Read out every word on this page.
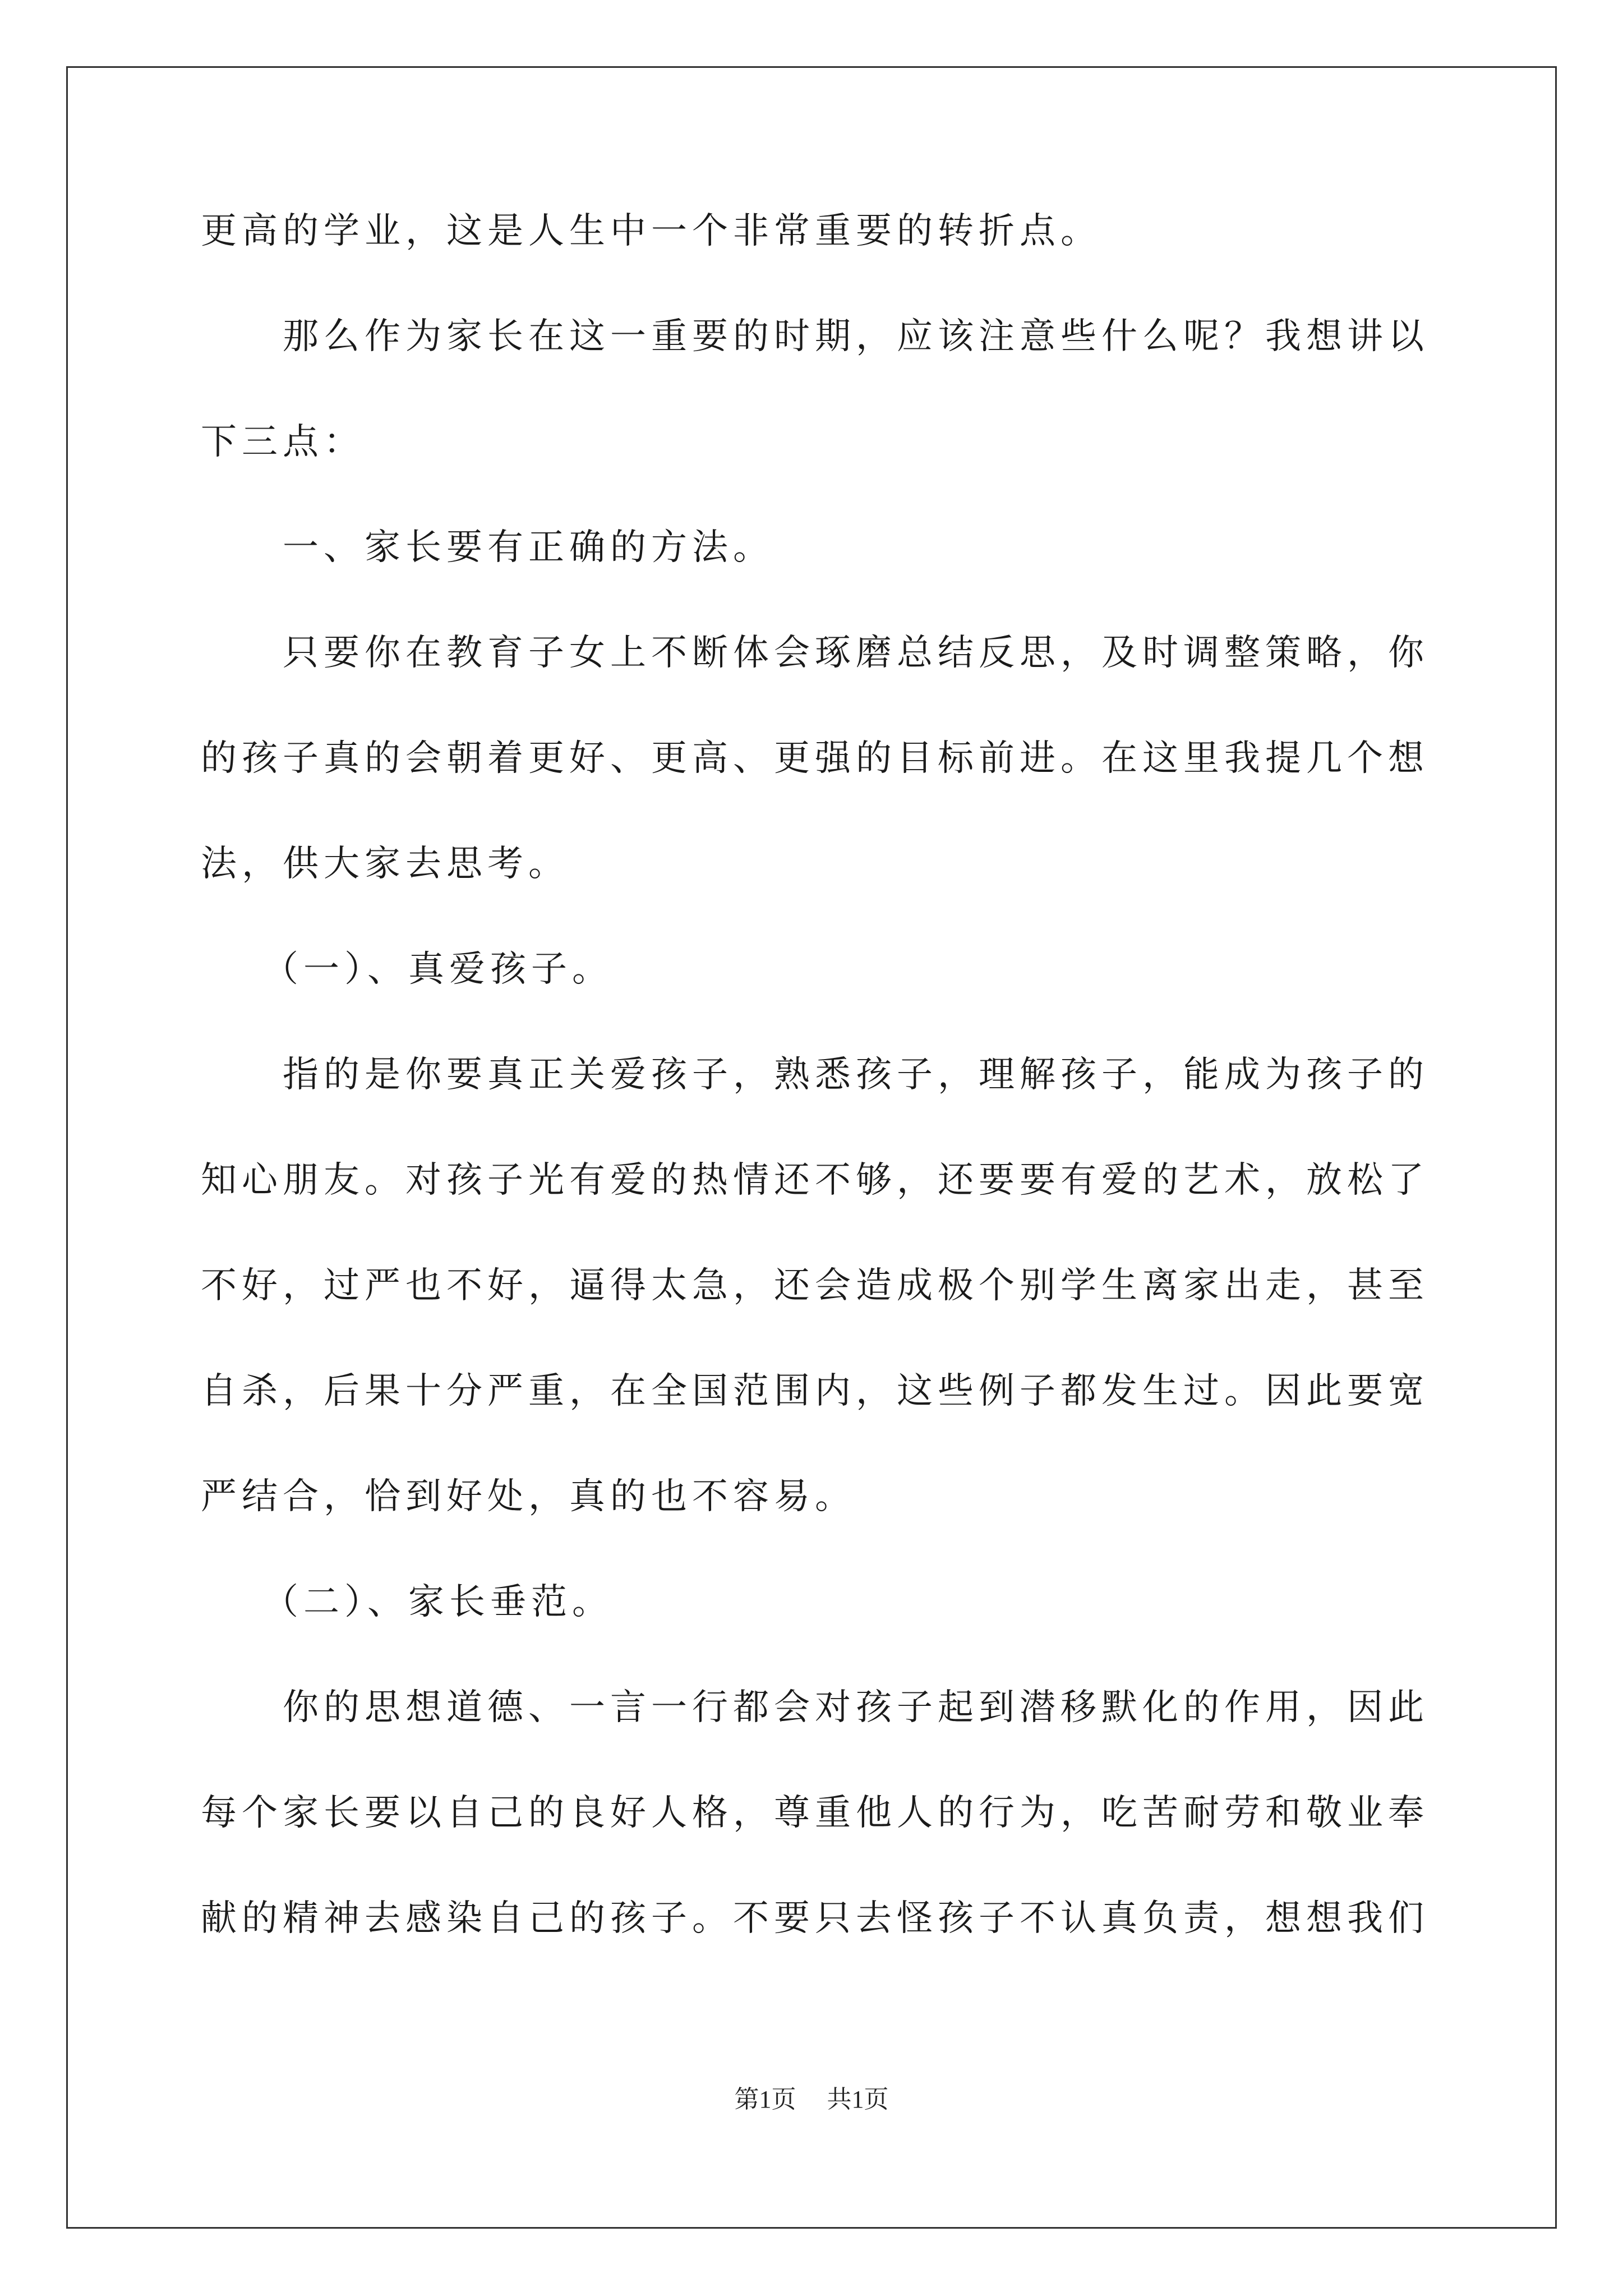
更高的学业，这是人生中一个非常重要的转折点。
那么作为家长在这一重要的时期，应该注意些什么呢？我想讲以
下三点：
一、家长要有正确的方法。
只要你在教育子女上不断体会琢磨总结反思，及时调整策略，你
的孩子真的会朝着更好、更高、更强的目标前进。在这里我提几个想
法，供大家去思考。
（一）、真爱孩子。
指的是你要真正关爱孩子，熟悉孩子，理解孩子，能成为孩子的
知心朋友。对孩子光有爱的热情还不够，还要要有爱的艺术，放松了
不好，过严也不好，逼得太急，还会造成极个别学生离家出走，甚至
自杀，后果十分严重，在全国范围内，这些例子都发生过。因此要宽
严结合，恰到好处，真的也不容易。
（二）、家长垂范。
你的思想道德、一言一行都会对孩子起到潜移默化的作用，因此
每个家长要以自己的良好人格，尊重他人的行为，吃苦耐劳和敬业奉
献的精神去感染自己的孩子。不要只去怪孩子不认真负责，想想我们
第1页 共1页
